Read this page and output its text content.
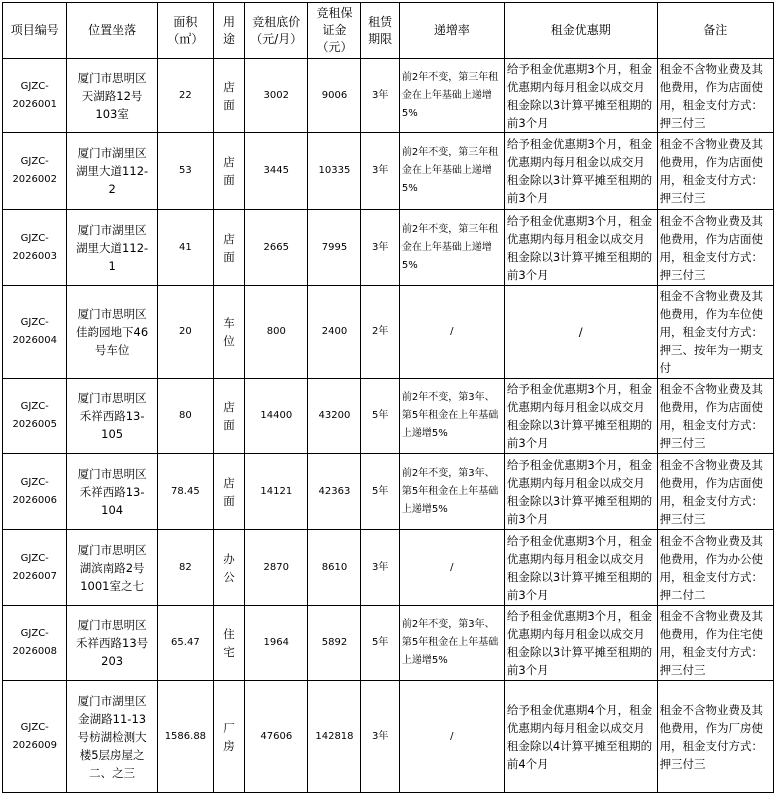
项目编号	位置坐落	面积（㎡）	用途	竞租底价（元/月）	竞租保证金（元）	租赁期限	递增率	租金优惠期	备注
GJZC-2026001	厦门市思明区天湖路12号103室	22	店面	3002	9006	3年	前2年不变，第三年租金在上年基础上递增5%	给予租金优惠期3个月，租金优惠期内每月租金以成交月租金除以3计算平摊至租期的前3个月	租金不含物业费及其他费用，作为店面使用，租金支付方式：押三付三
GJZC-2026002	厦门市湖里区湖里大道112-2	53	店面	3445	10335	3年	前2年不变，第三年租金在上年基础上递增5%	给予租金优惠期3个月，租金优惠期内每月租金以成交月租金除以3计算平摊至租期的前3个月	租金不含物业费及其他费用，作为店面使用，租金支付方式：押三付三
GJZC-2026003	厦门市湖里区湖里大道112-1	41	店面	2665	7995	3年	前2年不变，第三年租金在上年基础上递增5%	给予租金优惠期3个月，租金优惠期内每月租金以成交月租金除以3计算平摊至租期的前3个月	租金不含物业费及其他费用，作为店面使用，租金支付方式：押三付三
GJZC-2026004	厦门市思明区佳韵园地下46号车位	20	车位	800	2400	2年	/	/	租金不含物业费及其他费用，作为车位使用，租金支付方式：押三、按年为一期支付
GJZC-2026005	厦门市思明区禾祥西路13-105	80	店面	14400	43200	5年	前2年不变，第3年、第5年租金在上年基础上递增5%	给予租金优惠期3个月，租金优惠期内每月租金以成交月租金除以3计算平摊至租期的前3个月	租金不含物业费及其他费用，作为店面使用，租金支付方式：押三付三
GJZC-2026006	厦门市思明区禾祥西路13-104	78.45	店面	14121	42363	5年	前2年不变，第3年、第5年租金在上年基础上递增5%	给予租金优惠期3个月，租金优惠期内每月租金以成交月租金除以3计算平摊至租期的前3个月	租金不含物业费及其他费用，作为店面使用，租金支付方式：押三付三
GJZC-2026007	厦门市思明区湖滨南路2号1001室之七	82	办公	2870	8610	3年	/	给予租金优惠期3个月，租金优惠期内每月租金以成交月租金除以3计算平摊至租期的前3个月	租金不含物业费及其他费用，作为办公使用，租金支付方式：押二付二
GJZC-2026008	厦门市思明区禾祥西路13号203	65.47	住宅	1964	5892	5年	前2年不变，第3年、第5年租金在上年基础上递增5%	给予租金优惠期3个月，租金优惠期内每月租金以成交月租金除以3计算平摊至租期的前3个月	租金不含物业费及其他费用，作为住宅使用，租金支付方式：押三付三
GJZC-2026009	厦门市湖里区金湖路11-13号枋湖检测大楼5层房屋之二、之三	1586.88	厂房	47606	142818	3年	/	给予租金优惠期4个月，租金优惠期内每月租金以成交月租金除以4计算平摊至租期的前4个月	租金不含物业费及其他费用，作为厂房使用，租金支付方式：押三付三
